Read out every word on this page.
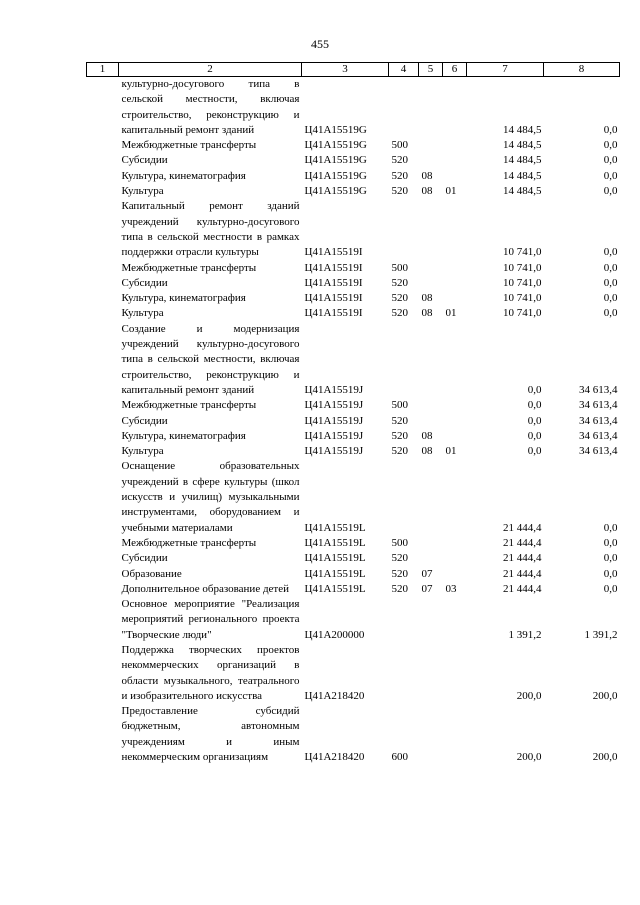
455
1	2	3	4	5	6	7	8
	культурно-досугового типа в сельской местности, включая строительство, реконструкцию и капитальный ремонт зданий	Ц41А15519G				14 484,5	0,0
	Межбюджетные трансферты	Ц41А15519G	500			14 484,5	0,0
	Субсидии	Ц41А15519G	520			14 484,5	0,0
	Культура, кинематография	Ц41А15519G	520	08		14 484,5	0,0
	Культура	Ц41А15519G	520	08	01	14 484,5	0,0
	Капитальный ремонт зданий учреждений культурно-досугового типа в сельской местности в рамках поддержки отрасли культуры	Ц41А15519I				10 741,0	0,0
	Межбюджетные трансферты	Ц41А15519I	500			10 741,0	0,0
	Субсидии	Ц41А15519I	520			10 741,0	0,0
	Культура, кинематография	Ц41А15519I	520	08		10 741,0	0,0
	Культура	Ц41А15519I	520	08	01	10 741,0	0,0
	Создание и модернизация учреждений культурно-досугового типа в сельской местности, включая строительство, реконструкцию и капитальный ремонт зданий	Ц41А15519J				0,0	34 613,4
	Межбюджетные трансферты	Ц41А15519J	500			0,0	34 613,4
	Субсидии	Ц41А15519J	520			0,0	34 613,4
	Культура, кинематография	Ц41А15519J	520	08		0,0	34 613,4
	Культура	Ц41А15519J	520	08	01	0,0	34 613,4
	Оснащение образовательных учреждений в сфере культуры (школ искусств и училищ) музыкальными инструментами, оборудованием и учебными материалами	Ц41А15519L				21 444,4	0,0
	Межбюджетные трансферты	Ц41А15519L	500			21 444,4	0,0
	Субсидии	Ц41А15519L	520			21 444,4	0,0
	Образование	Ц41А15519L	520	07		21 444,4	0,0
	Дополнительное образование детей	Ц41А15519L	520	07	03	21 444,4	0,0
	Основное мероприятие "Реализация мероприятий регионального проекта "Творческие люди"	Ц41А200000				1 391,2	1 391,2
	Поддержка творческих проектов некоммерческих организаций в области музыкального, театрального и изобразительного искусства	Ц41А218420				200,0	200,0
	Предоставление субсидий бюджетным, автономным учреждениям и иным некоммерческим организациям	Ц41А218420	600			200,0	200,0
